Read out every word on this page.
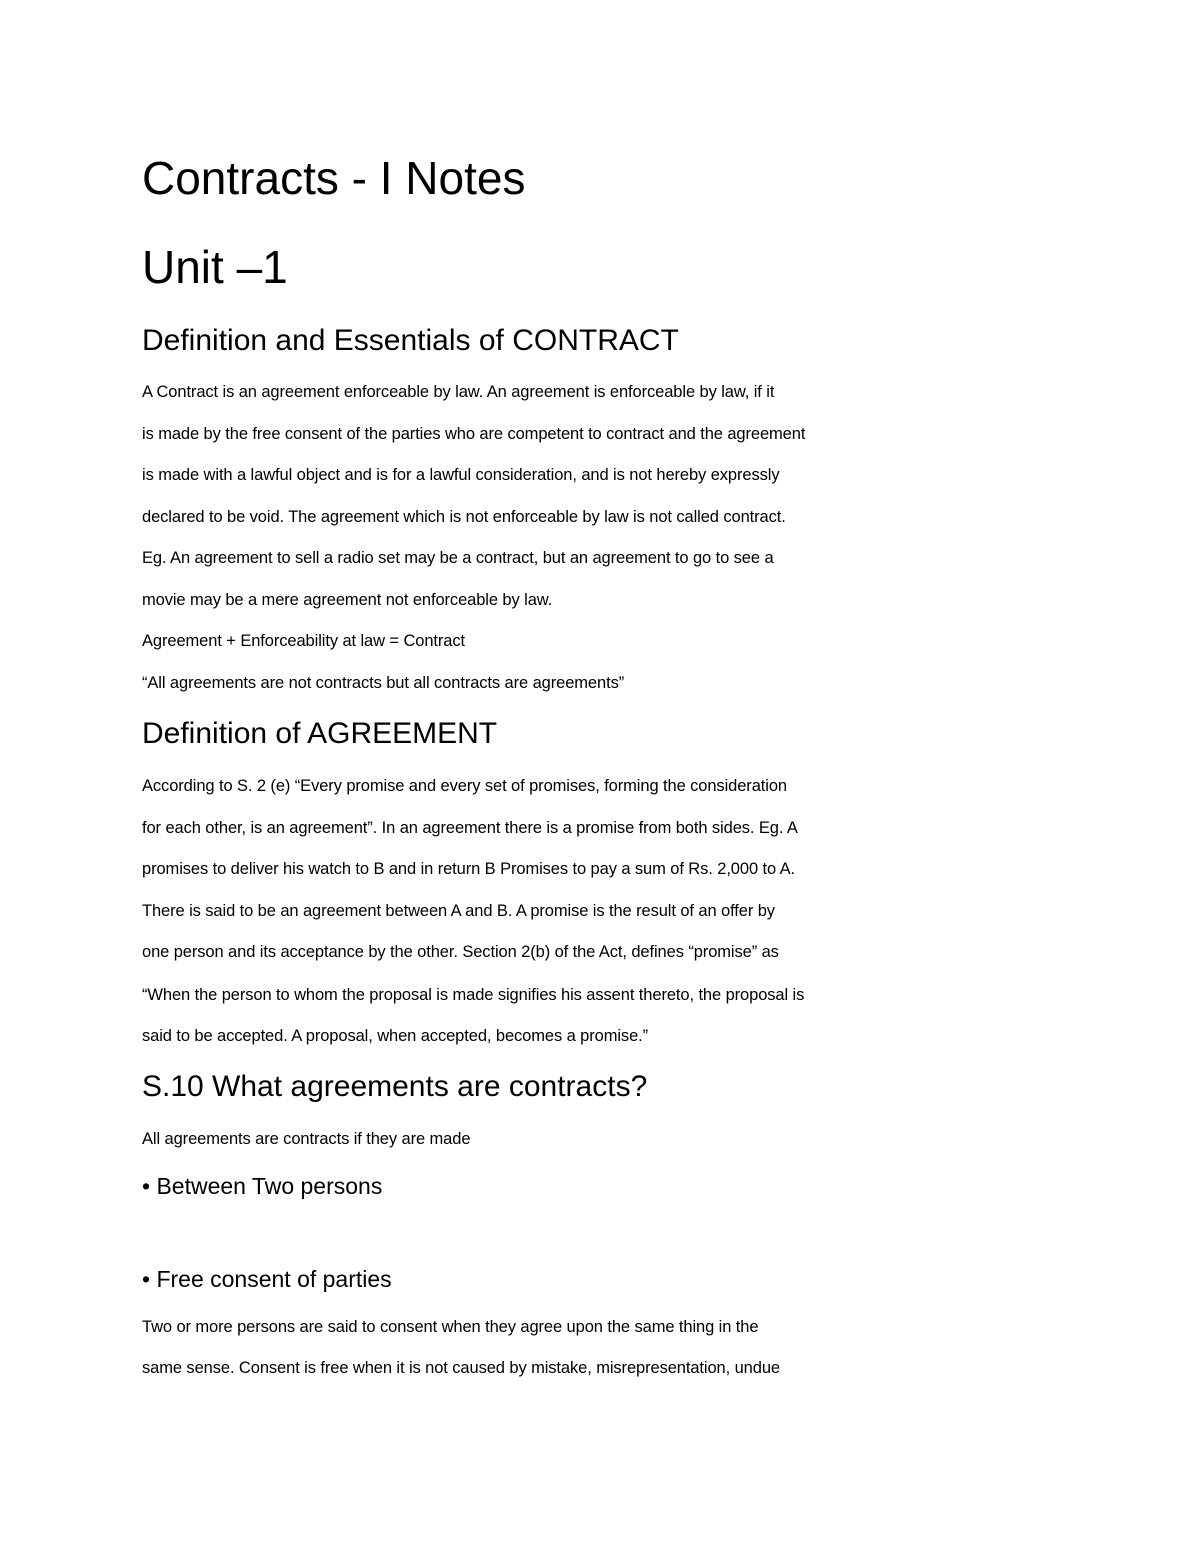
Contracts - I Notes
Unit –1
Definition and Essentials of CONTRACT

A Contract is an agreement enforceable by law. An agreement is enforceable by law, if it

is made by the free consent of the parties who are competent to contract and the agreement

is made with a lawful object and is for a lawful consideration, and is not hereby expressly

declared to be void. The agreement which is not enforceable by law is not called contract.

Eg. An agreement to sell a radio set may be a contract, but an agreement to go to see a

movie may be a mere agreement not enforceable by law.

Agreement + Enforceability at law = Contract

“All agreements are not contracts but all contracts are agreements”

Definition of AGREEMENT

According to S. 2 (e) “Every promise and every set of promises, forming the consideration

for each other, is an agreement”. In an agreement there is a promise from both sides. Eg. A

promises to deliver his watch to B and in return B Promises to pay a sum of Rs. 2,000 to A.

There is said to be an agreement between A and B. A promise is the result of an offer by

one person and its acceptance by the other. Section 2(b) of the Act, defines “promise” as

“When the person to whom the proposal is made signifies his assent thereto, the proposal is

said to be accepted. A proposal, when accepted, becomes a promise.”

S.10 What agreements are contracts?

All agreements are contracts if they are made

• Between Two persons

• Free consent of parties

Two or more persons are said to consent when they agree upon the same thing in the

same sense. Consent is free when it is not caused by mistake, misrepresentation, undue
